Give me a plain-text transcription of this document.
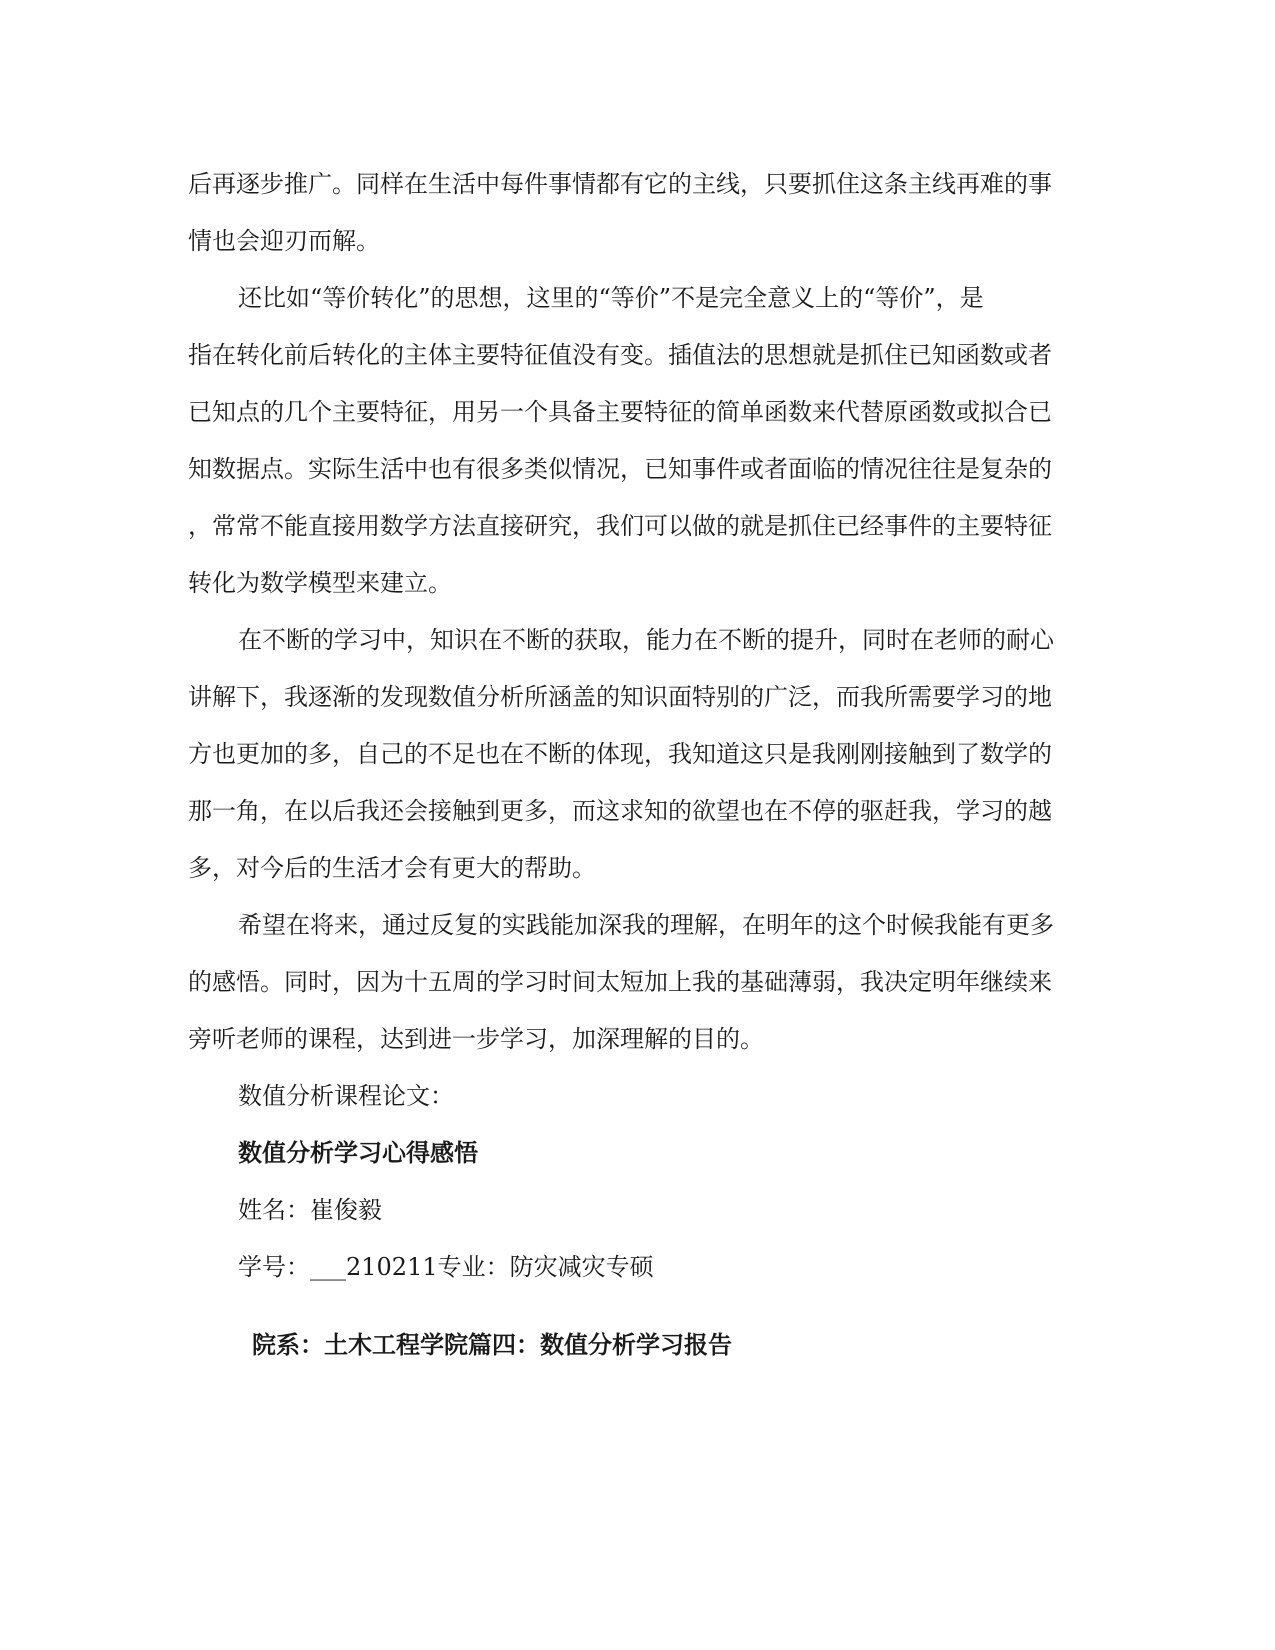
后再逐步推广。同样在生活中每件事情都有它的主线，只要抓住这条主线再难的事
情也会迎刃而解。
还比如“等价转化”的思想，这里的“等价”不是完全意义上的“等价”，是
指在转化前后转化的主体主要特征值没有变。插值法的思想就是抓住已知函数或者
已知点的几个主要特征，用另一个具备主要特征的简单函数来代替原函数或拟合已
知数据点。实际生活中也有很多类似情况，已知事件或者面临的情况往往是复杂的
，常常不能直接用数学方法直接研究，我们可以做的就是抓住已经事件的主要特征
转化为数学模型来建立。
在不断的学习中，知识在不断的获取，能力在不断的提升，同时在老师的耐心
讲解下，我逐渐的发现数值分析所涵盖的知识面特别的广泛，而我所需要学习的地
方也更加的多，自己的不足也在不断的体现，我知道这只是我刚刚接触到了数学的
那一角，在以后我还会接触到更多，而这求知的欲望也在不停的驱赶我，学习的越
多，对今后的生活才会有更大的帮助。
希望在将来，通过反复的实践能加深我的理解，在明年的这个时候我能有更多
的感悟。同时，因为十五周的学习时间太短加上我的基础薄弱，我决定明年继续来
旁听老师的课程，达到进一步学习，加深理解的目的。
数值分析课程论文：
数值分析学习心得感悟
姓名：崔俊毅
学号：___210211专业：防灾减灾专硕
院系：土木工程学院篇四：数值分析学习报告
